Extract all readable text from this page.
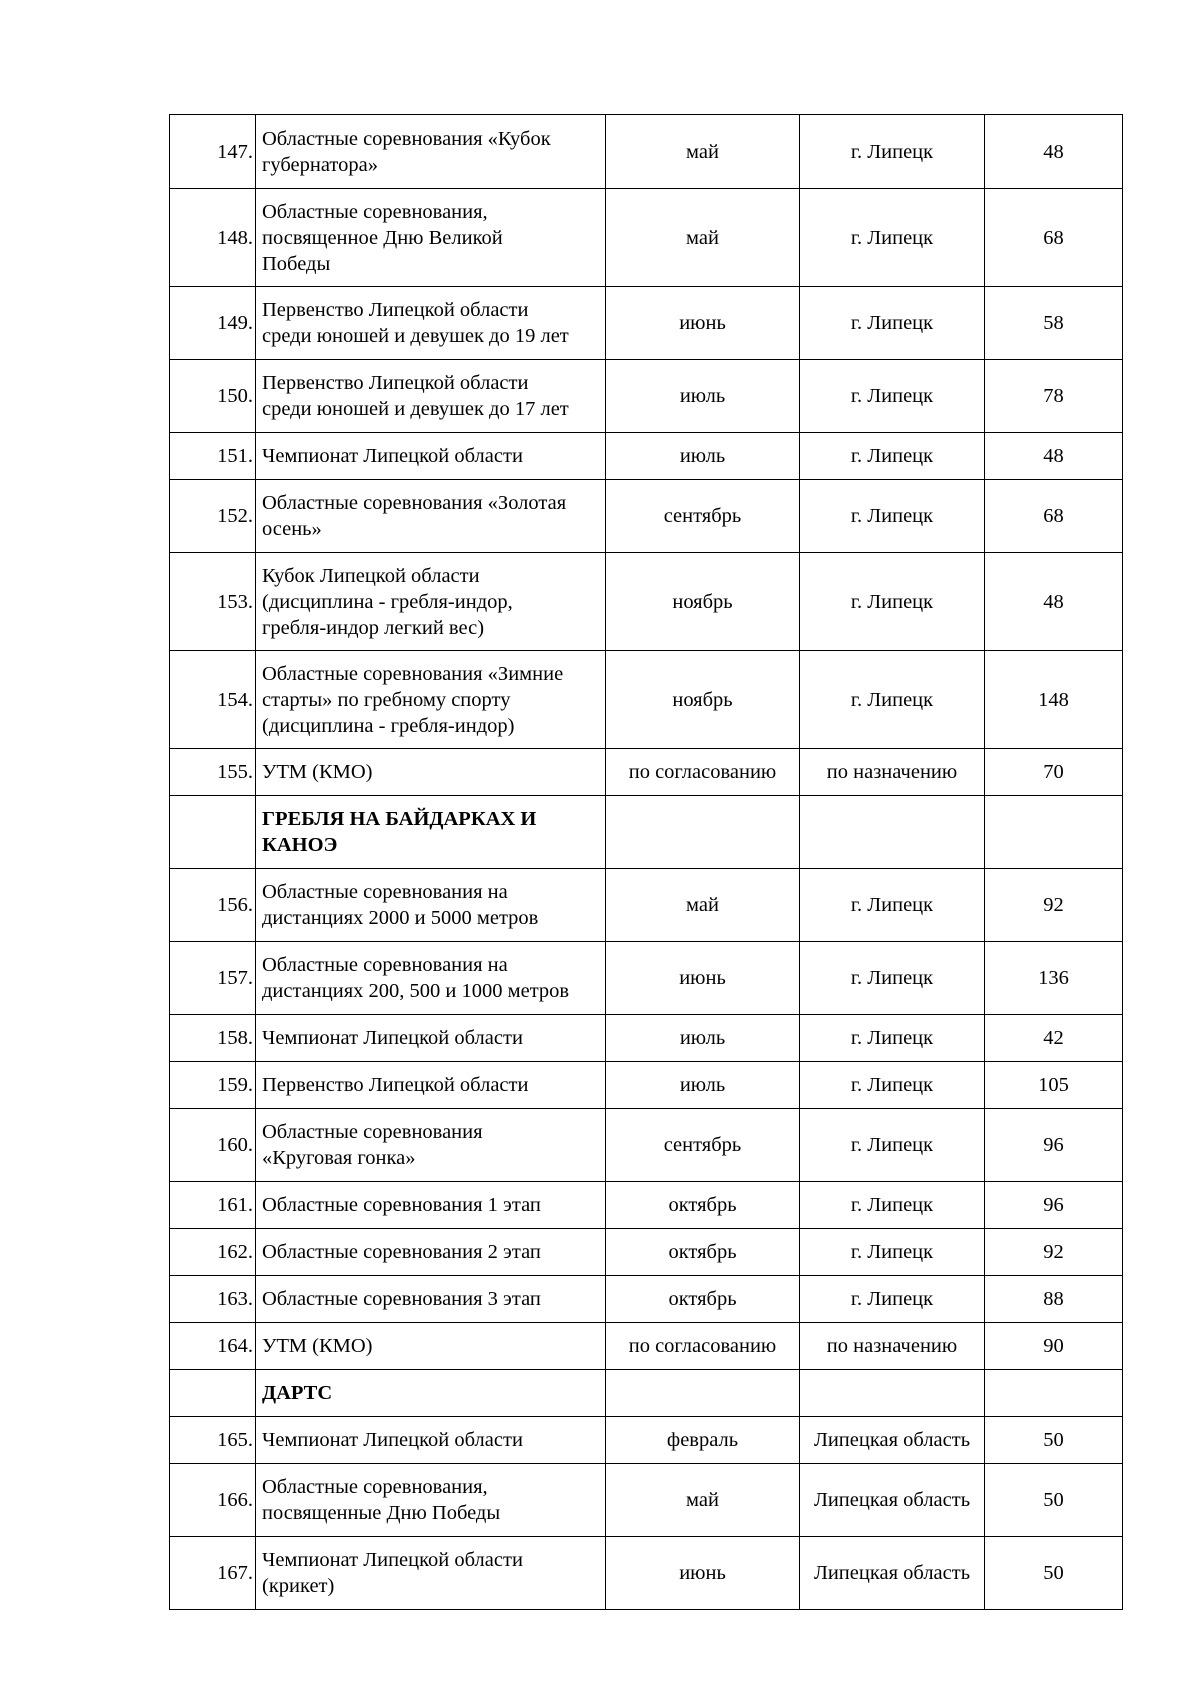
147.	Областные соревнования «Кубок
губернатора»	май	г. Липецк	48
148.	Областные соревнования,
посвященное Дню Великой
Победы	май	г. Липецк	68
149.	Первенство Липецкой области
среди юношей и девушек до 19 лет	июнь	г. Липецк	58
150.	Первенство Липецкой области
среди юношей и девушек до 17 лет	июль	г. Липецк	78
151.	Чемпионат Липецкой области	июль	г. Липецк	48
152.	Областные соревнования «Золотая
осень»	сентябрь	г. Липецк	68
153.	Кубок Липецкой области
(дисциплина - гребля-индор,
гребля-индор легкий вес)	ноябрь	г. Липецк	48
154.	Областные соревнования «Зимние
старты» по гребному спорту
(дисциплина - гребля-индор)	ноябрь	г. Липецк	148
155.	УТМ (КМО)	по согласованию	по назначению	70

	ГРЕБЛЯ НА БАЙДАРКАХ И
КАНОЭ			

156.	Областные соревнования на
дистанциях 2000 и 5000 метров	май	г. Липецк	92
157.	Областные соревнования на
дистанциях 200, 500 и 1000 метров	июнь	г. Липецк	136
158.	Чемпионат Липецкой области	июль	г. Липецк	42
159.	Первенство Липецкой области	июль	г. Липецк	105
160.	Областные соревнования
«Круговая гонка»	сентябрь	г. Липецк	96
161.	Областные соревнования 1 этап	октябрь	г. Липецк	96
162.	Областные соревнования 2 этап	октябрь	г. Липецк	92
163.	Областные соревнования 3 этап	октябрь	г. Липецк	88
164.	УТМ (КМО)	по согласованию	по назначению	90

	ДАРТС			

165.	Чемпионат Липецкой области	февраль	Липецкая область	50
166.	Областные соревнования,
посвященные Дню Победы	май	Липецкая область	50
167.	Чемпионат Липецкой области
(крикет)	июнь	Липецкая область	50
